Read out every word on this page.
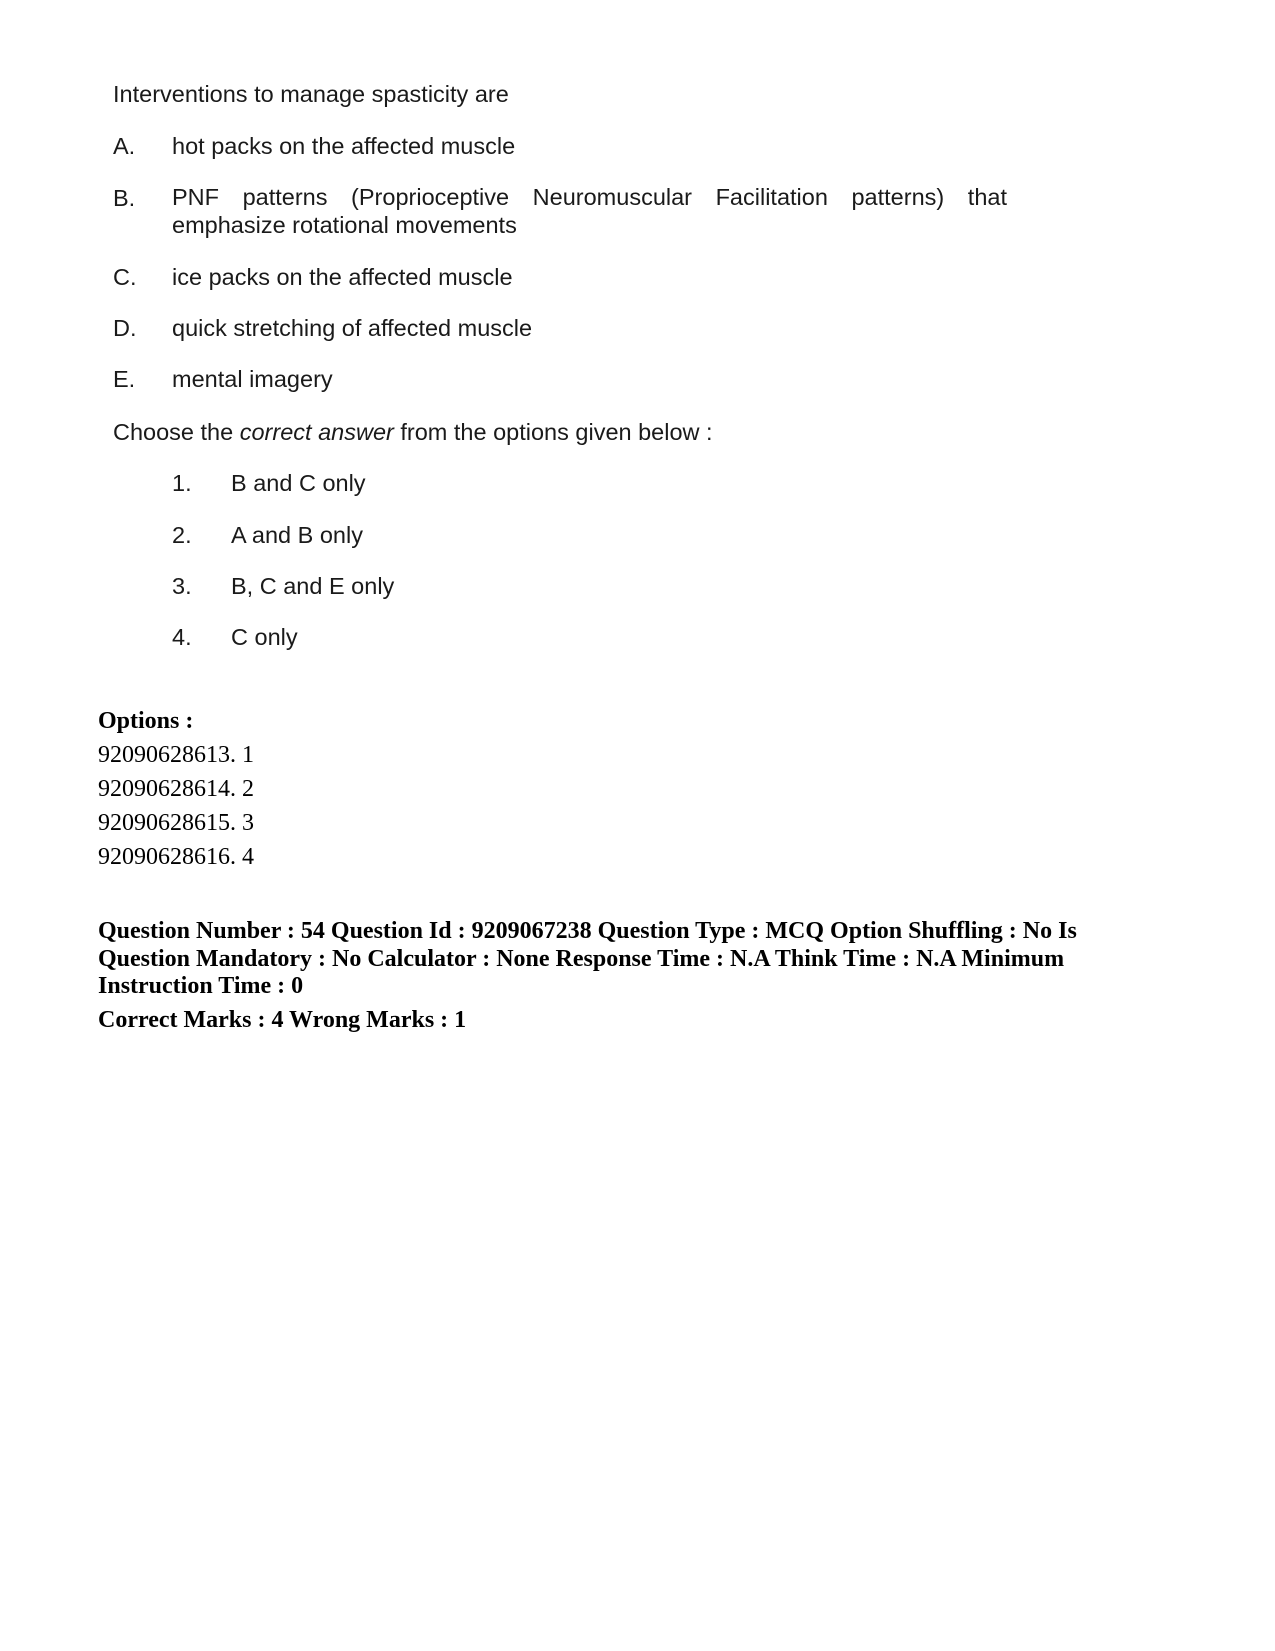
Interventions to manage spasticity are
A. hot packs on the affected muscle
B. PNF patterns (Proprioceptive Neuromuscular Facilitation patterns) that emphasize rotational movements
C. ice packs on the affected muscle
D. quick stretching of affected muscle
E. mental imagery
Choose the correct answer from the options given below :
1. B and C only
2. A and B only
3. B, C and E only
4. C only
Options :
92090628613. 1
92090628614. 2
92090628615. 3
92090628616. 4
Question Number : 54 Question Id : 9209067238 Question Type : MCQ Option Shuffling : No Is
Question Mandatory : No Calculator : None Response Time : N.A Think Time : N.A Minimum
Instruction Time : 0
Correct Marks : 4 Wrong Marks : 1
